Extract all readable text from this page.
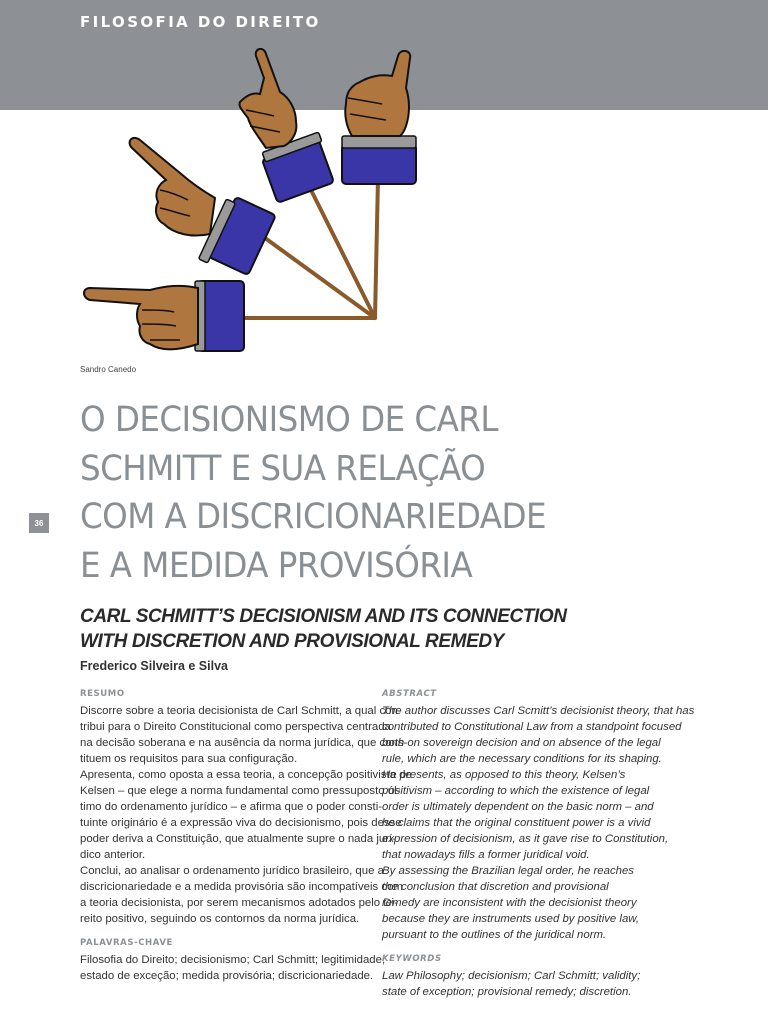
FILOSOFIA DO DIREITO
Sandro Canedo
36
O DECISIONISMO DE CARL
SCHMITT E SUA RELAÇÃO
COM A DISCRICIONARIEDADE
E A MEDIDA PROVISÓRIA
CARL SCHMITT’S DECISIONISM AND ITS CONNECTION
WITH DISCRETION AND PROVISIONAL REMEDY
Frederico Silveira e Silva
RESUMO

Discorre sobre a teoria decisionista de Carl Schmitt, a qual con-
tribui para o Direito Constitucional como perspectiva centrada
na decisão soberana e na ausência da norma jurídica, que cons-
tituem os requisitos para sua configuração.
Apresenta, como oposta a essa teoria, a concepção positivista de
Kelsen – que elege a norma fundamental como pressuposto úl-
timo do ordenamento jurídico – e afirma que o poder consti-
tuinte originário é a expressão viva do decisionismo, pois desse
poder deriva a Constituição, que atualmente supre o nada jurí-
dico anterior.
Conclui, ao analisar o ordenamento jurídico brasileiro, que a
discricionariedade e a medida provisória são incompatíveis com
a teoria decisionista, por serem mecanismos adotados pelo Di-
reito positivo, seguindo os contornos da norma jurídica.

PALAVRAS-CHAVE

Filosofia do Direito; decisionismo; Carl Schmitt; legitimidade;
estado de exceção; medida provisória; discricionariedade.

ABSTRACT

The author discusses Carl Scmitt’s decisionist theory, that has
contributed to Constitutional Law from a standpoint focused
both on sovereign decision and on absence of the legal
rule, which are the necessary conditions for its shaping.
He presents, as opposed to this theory, Kelsen’s
positivism – according to which the existence of legal
order is ultimately dependent on the basic norm – and
he claims that the original constituent power is a vivid
expression of decisionism, as it gave rise to Constitution,
that nowadays fills a former juridical void.
By assessing the Brazilian legal order, he reaches
the conclusion that discretion and provisional
remedy are inconsistent with the decisionist theory
because they are instruments used by positive law,
pursuant to the outlines of the juridical norm.

KEYWORDS

Law Philosophy; decisionism; Carl Schmitt; validity;
state of exception; provisional remedy; discretion.
